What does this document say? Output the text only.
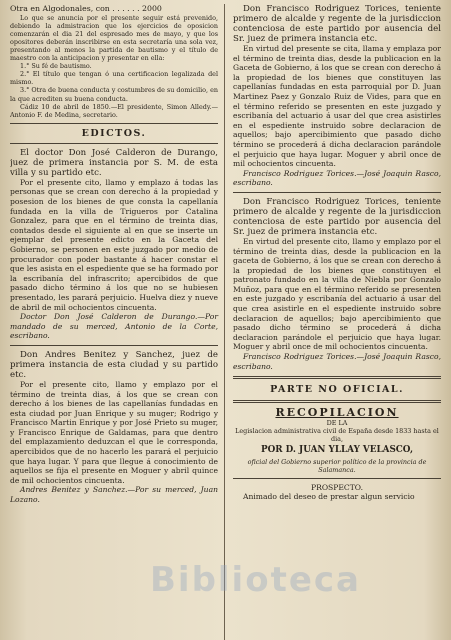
Otra en Algodonales, con . . . . . . 2000

Lo que se anuncia por el presente seguir está prevenido, debiendo la admistracion que los ejercicios de oposicion comenzarán el dia 21 del espresado mes de mayo, y que los opositores deberán inscribirse en esta secretaría una sola vez, presentando al menos la partida de bautismo y el título de maestro con la anticipacion y presentar en ella:

1.° Su fé de bautismo.

2.° El título que tengan ó una certificacion legalizada del mismo.

3.° Otra de buena conducta y costumbres de su domicilio, en la que acrediten su buena conducta.

Cádiz 10 de abril de 1850.—El presidente, Simon Alledy.—Antonio F. de Medina, secretario.

EDICTOS.

El doctor Don José Calderon de Durango, juez de primera instancia por S. M. de esta villa y su partido etc.

Por el presente cito, llamo y emplazo á todas las personas que se crean con derecho á la propiedad y posesion de los bienes de que consta la capellanía fundada en la villa de Trigueros por Catalina Gonzalez, para que en el término de treinta dias, contados desde el siguiente al en que se inserte un ejemplar del presente edicto en la Gaceta del Gobierno, se personen en este juzgado por medio de procurador con poder bastante á hacer constar el que les asista en el espediente que se ha formado por la escribanía del infrascrito; apercibidos de que pasado dicho término á los que no se hubiesen presentado, les parará perjuicio. Huelva diez y nueve de abril de mil ochocientos cincuenta.

Doctor Don José Calderon de Durango.—Por mandado de su merced, Antonio de la Corte, escribano.

Don Andres Benitez y Sanchez, juez de primera instancia de esta ciudad y su partido etc.

Por el presente cito, llamo y emplazo por el término de treinta dias, á los que se crean con derecho á los bienes de las capellanías fundadas en esta ciudad por Juan Enrique y su muger; Rodrigo y Francisco Martin Enrique y por José Prieto su muger, y Francisco Enrique de Galdamas, para que dentro del emplazamiento deduzcan el que le corresponda, apercibidos que de no hacerlo les parará el perjuicio que haya lugar. Y para que llegue á conocimiento de aquellos se fija el presente en Moguer y abril quince de mil ochocientos cincuenta.

Andres Benitez y Sanchez.—Por su merced, Juan Lozano.

Don Francisco Rodriguez Torices, teniente primero de alcalde y regente de la jurisdiccion contenciosa de este partido por ausencia del Sr. juez de primera instancia etc.

En virtud del presente se cita, llama y emplaza por el término de treinta dias, desde la publicacion en la Gaceta de Gobierno, á los que se crean con derecho á la propiedad de los bienes que constituyen las capellanías fundadas en esta parroquial por D. Juan Martinez Paez y Gonzalo Ruiz de Vides, para que en el término referido se presenten en este juzgado y escribanía del actuario á usar del que crea asistirles en el espediente instruido sobre declaracion de aquellos; bajo apercibimiento que pasado dicho término se procederá á dicha declaracion parándole el perjuicio que haya lugar. Moguer y abril once de mil ochocientos cincuenta.

Francisco Rodriguez Torices.—José Joaquin Rasco, escribano.

Don Francisco Rodriguez Torices, teniente primero de alcalde y regente de la jurisdiccion contenciosa de este partido por ausencia del Sr. juez de primera instancia etc.

En virtud del presente cito, llamo y emplazo por el término de treinta dias, desde la publicacion en la gaceta de Gobierno, á los que se crean con derecho á la propiedad de los bienes que constituyen el patronato fundado en la villa de Niebla por Gonzalo Muñoz, para que en el término referido se presenten en este juzgado y escribanía del actuario á usar del que crea asistirle en el espediente instruido sobre declaracion de aquellos; bajo apercibimiento que pasado dicho término se procederá á dicha declaracion parándole el perjuicio que haya lugar. Moguer y abril once de mil ochocientos cincuenta.

Francisco Rodriguez Torices.—José Joaquin Rasco, escribano.

PARTE NO OFICIAL.
RECOPILACION

DE LA

Legislacion administrativa civil de España desde 1833 hasta el dia,

POR D. JUAN YLLAY VELASCO,

oficial del Gobierno superior político de la provincia de Salamanca.

PROSPECTO.

Animado del deseo de prestar algun servicio

Biblioteca
